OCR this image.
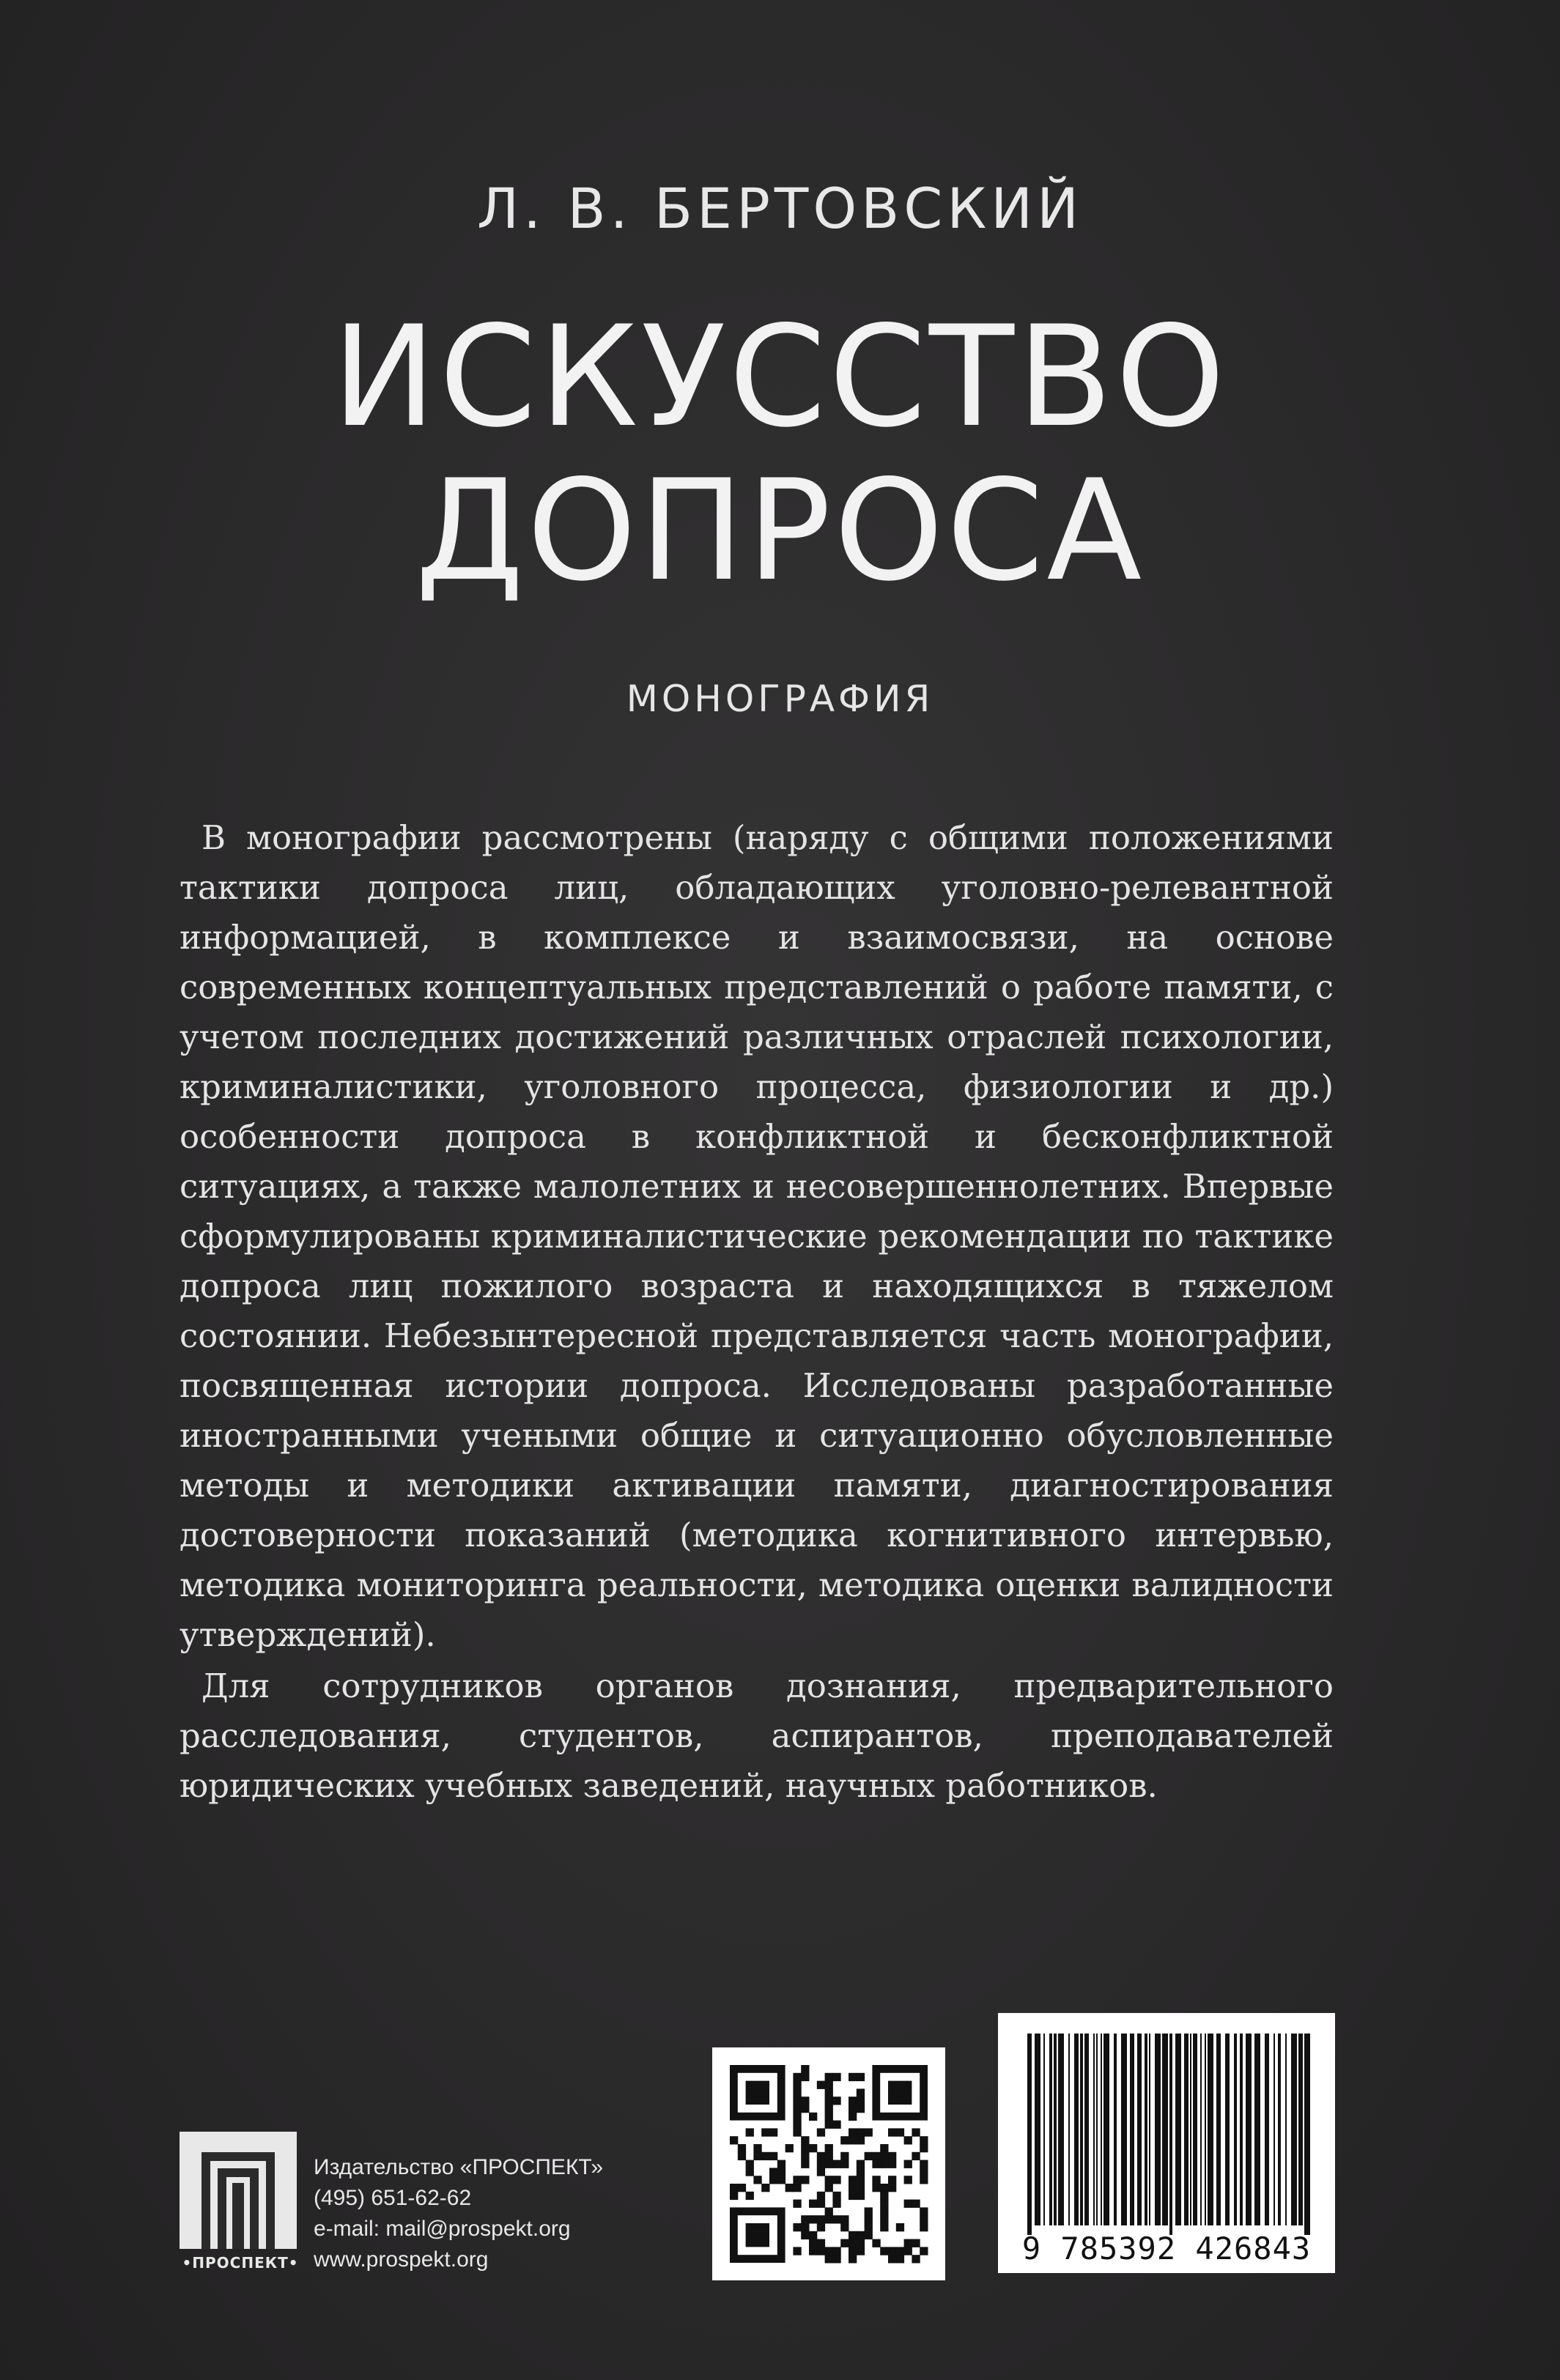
Л. В. БЕРТОВСКИЙ
ИСКУССТВО
ДОПРОСА
МОНОГРАФИЯ

В монографии рассмотрены (наряду с общими положениями тактики допроса лиц, обладающих уголовно-релевантной информацией, в комплексе и взаимосвязи, на основе современных концептуальных представлений о работе памяти, с учетом последних достижений различных отраслей психологии, криминалистики, уголовного процесса, физиологии и др.) особенности допроса в конфликтной и бесконфликтной ситуациях, а также малолетних и несовершеннолетних. Впервые сформулированы криминалистические рекомендации по тактике допроса лиц пожилого возраста и находящихся в тяжелом состоянии. Небезынтересной представляется часть монографии, посвященная истории допроса. Исследованы разработанные иностранными учеными общие и ситуационно обусловленные методы и методики активации памяти, диагностирования достоверности показаний (методика когнитивного интервью, методика мониторинга реальности, методика оценки валидности утверждений).

Для сотрудников органов дознания, предварительного расследования, студентов, аспирантов, преподавателей юридических учебных заведений, научных работников.

•ПРОСПЕКТ•
Издательство «ПРОСПЕКТ»
(495) 651-62-62
e-mail: mail@prospekt.org
www.prospekt.org	9 785392 426843
